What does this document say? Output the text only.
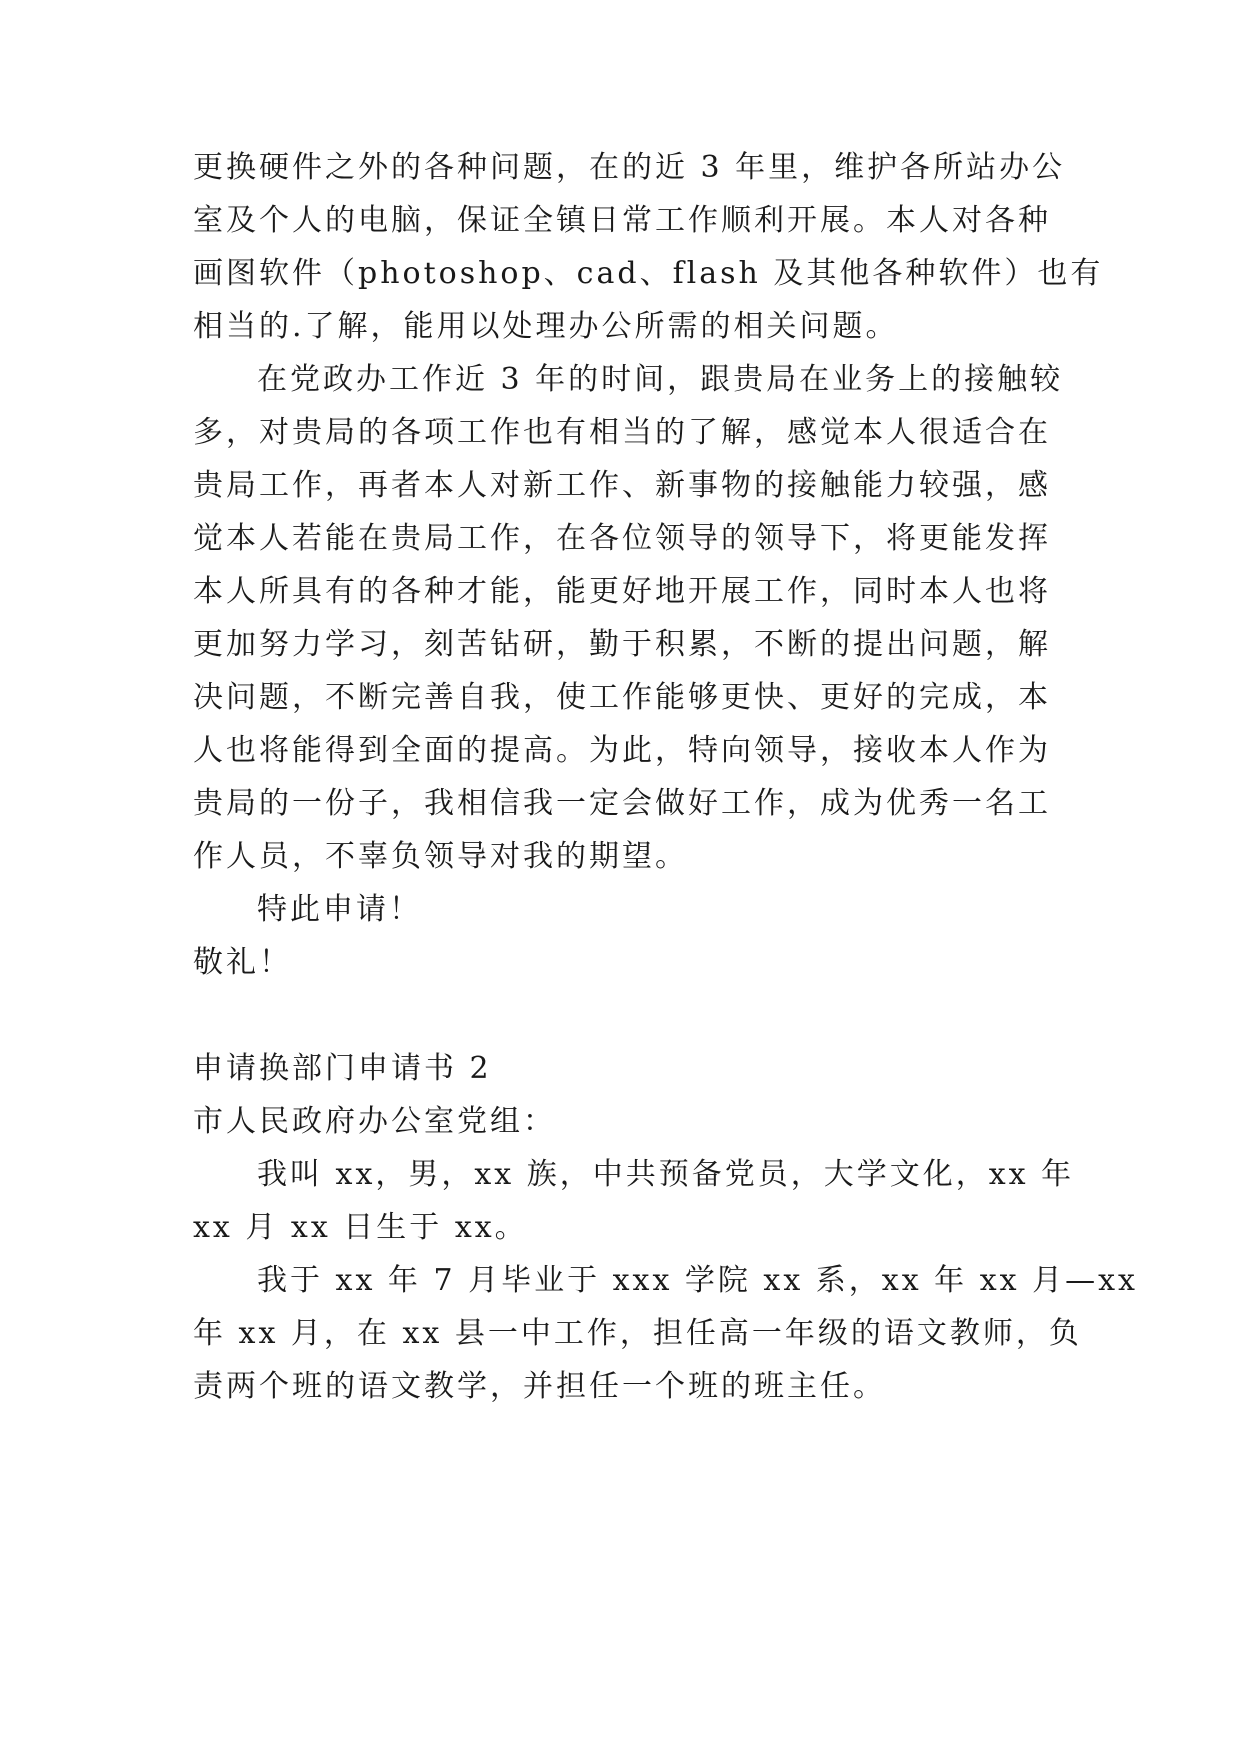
更换硬件之外的各种问题，在的近 3 年里，维护各所站办公
室及个人的电脑，保证全镇日常工作顺利开展。本人对各种
画图软件（photoshop、cad、flash 及其他各种软件）也有
相当的.了解，能用以处理办公所需的相关问题。
在党政办工作近 3 年的时间，跟贵局在业务上的接触较
多，对贵局的各项工作也有相当的了解，感觉本人很适合在
贵局工作，再者本人对新工作、新事物的接触能力较强，感
觉本人若能在贵局工作，在各位领导的领导下，将更能发挥
本人所具有的各种才能，能更好地开展工作，同时本人也将
更加努力学习，刻苦钻研，勤于积累，不断的提出问题，解
决问题，不断完善自我，使工作能够更快、更好的完成，本
人也将能得到全面的提高。为此，特向领导，接收本人作为
贵局的一份子，我相信我一定会做好工作，成为优秀一名工
作人员，不辜负领导对我的期望。
特此申请！
敬礼！
申请换部门申请书 2
市人民政府办公室党组：
我叫 xx，男，xx 族，中共预备党员，大学文化，xx 年
xx 月 xx 日生于 xx。
我于 xx 年 7 月毕业于 xxx 学院 xx 系，xx 年 xx 月—xx
年 xx 月，在 xx 县一中工作，担任高一年级的语文教师，负
责两个班的语文教学，并担任一个班的班主任。
